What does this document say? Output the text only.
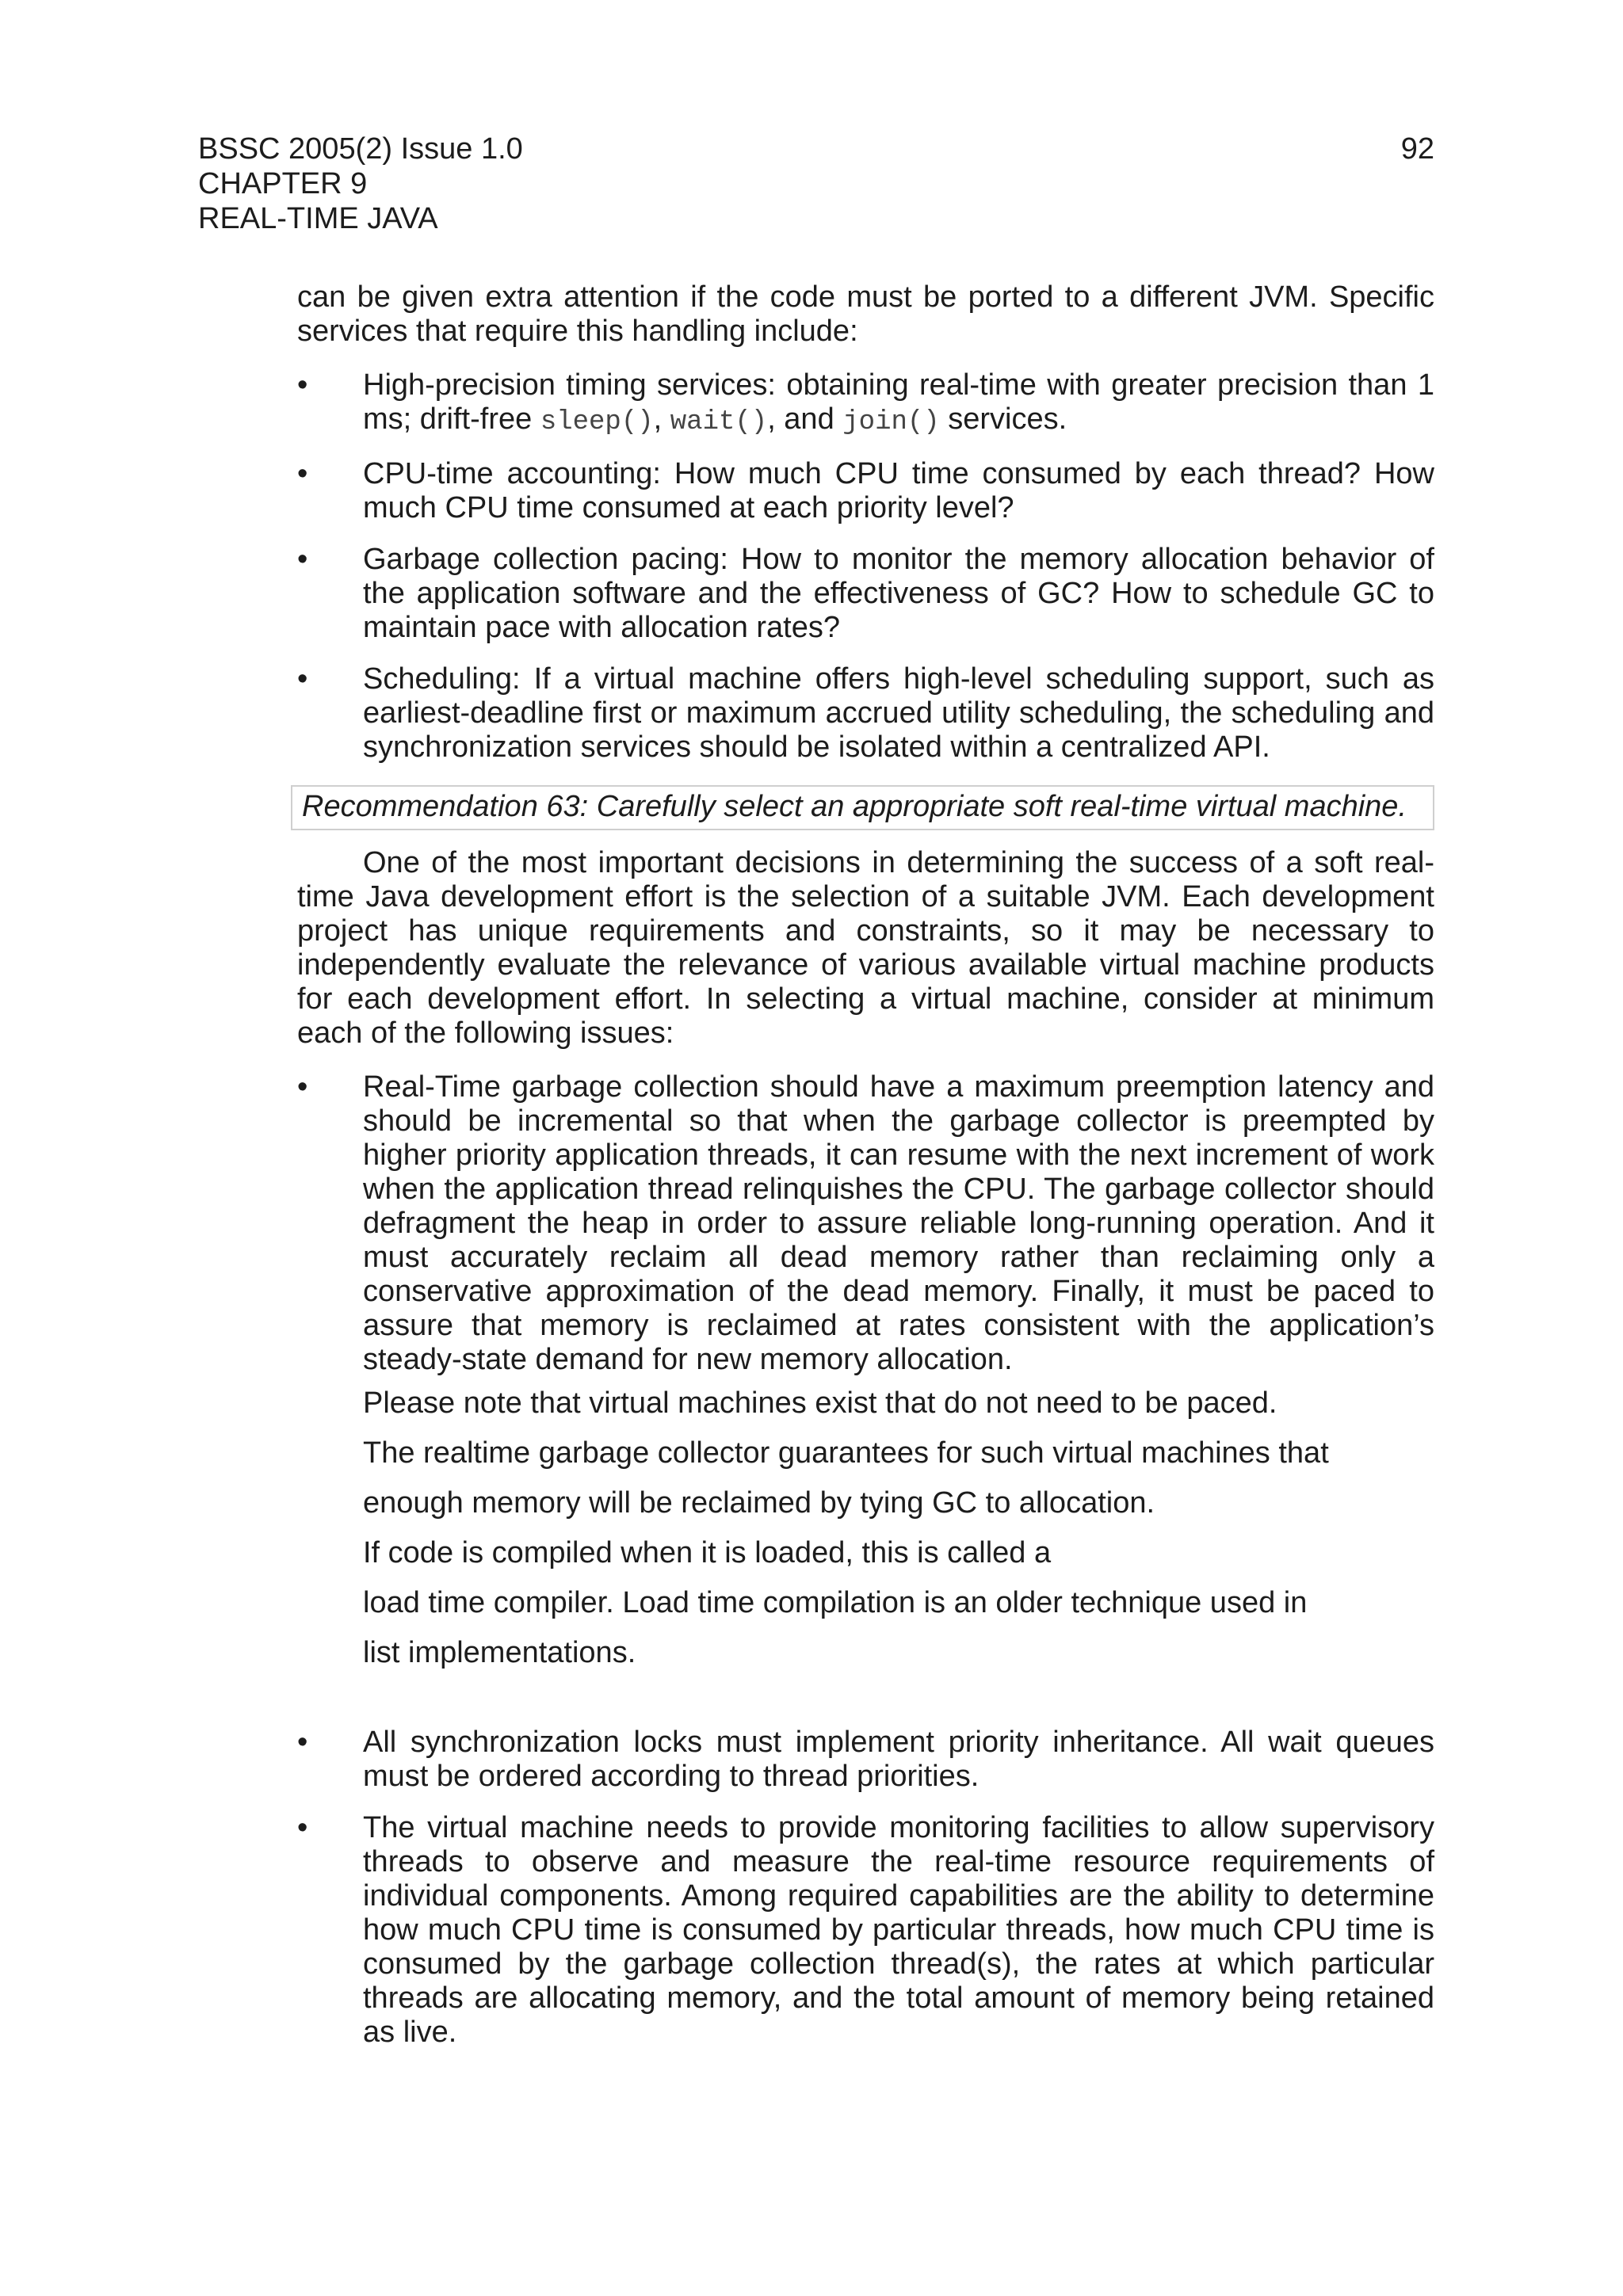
BSSC 2005(2) Issue 1.0
CHAPTER 9
REAL-TIME JAVA
92

can be given extra attention if the code must be ported to a different JVM. Specific services that require this handling include:

• High-precision timing services: obtaining real-time with greater precision than 1 ms; drift-free sleep(), wait(), and join() services.
• CPU-time accounting: How much CPU time consumed by each thread? How much CPU time consumed at each priority level?
• Garbage collection pacing: How to monitor the memory allocation behavior of the application software and the effectiveness of GC? How to schedule GC to maintain pace with allocation rates?
• Scheduling: If a virtual machine offers high-level scheduling support, such as earliest-deadline first or maximum accrued utility scheduling, the scheduling and synchronization services should be isolated within a centralized API.
Recommendation 63: Carefully select an appropriate soft real-time virtual machine.

One of the most important decisions in determining the success of a soft real-time Java development effort is the selection of a suitable JVM. Each development project has unique requirements and constraints, so it may be necessary to independently evaluate the relevance of various available virtual machine products for each development effort. In selecting a virtual machine, consider at minimum each of the following issues:

• Real-Time garbage collection should have a maximum preemption latency and should be incremental so that when the garbage collector is preempted by higher priority application threads, it can resume with the next increment of work when the application thread relinquishes the CPU. The garbage collector should defragment the heap in order to assure reliable long-running operation. And it must accurately reclaim all dead memory rather than reclaiming only a conservative approximation of the dead memory. Finally, it must be paced to assure that memory is reclaimed at rates consistent with the application’s steady-state demand for new memory allocation.
Please note that virtual machines exist that do not need to be paced.
The realtime garbage collector guarantees for such virtual machines that
enough memory will be reclaimed by tying GC to allocation.
If code is compiled when it is loaded, this is called a
load time compiler. Load time compilation is an older technique used in
list implementations.
• All synchronization locks must implement priority inheritance. All wait queues must be ordered according to thread priorities.
• The virtual machine needs to provide monitoring facilities to allow supervisory threads to observe and measure the real-time resource requirements of individual components. Among required capabilities are the ability to determine how much CPU time is consumed by particular threads, how much CPU time is consumed by the garbage collection thread(s), the rates at which particular threads are allocating memory, and the total amount of memory being retained as live.
